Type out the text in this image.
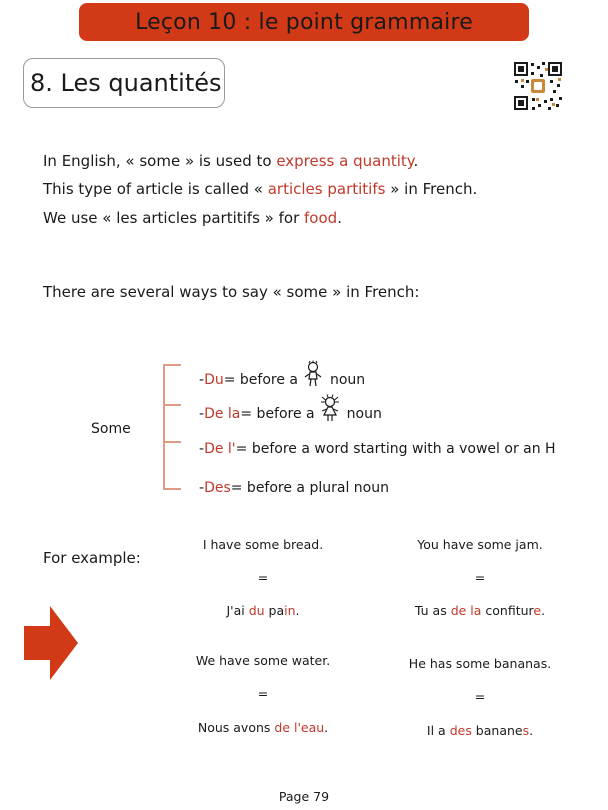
Leçon 10 : le point grammaire
8. Les quantités
In English, « some » is used to express a quantity.
This type of article is called « articles partitifs » in French.
We use « les articles partitifs » for food.
There are several ways to say « some » in French:
Some
- Du = before a noun
- De la = before a noun
- De l' = before a word starting with a vowel or an H
- Des = before a plural noun
For example:
I have some bread.
=
J'ai du pain.
You have some jam.
=
Tu as de la confiture.
We have some water.
=
Nous avons de l'eau.
He has some bananas.
=
Il a des bananes.
Page 79
